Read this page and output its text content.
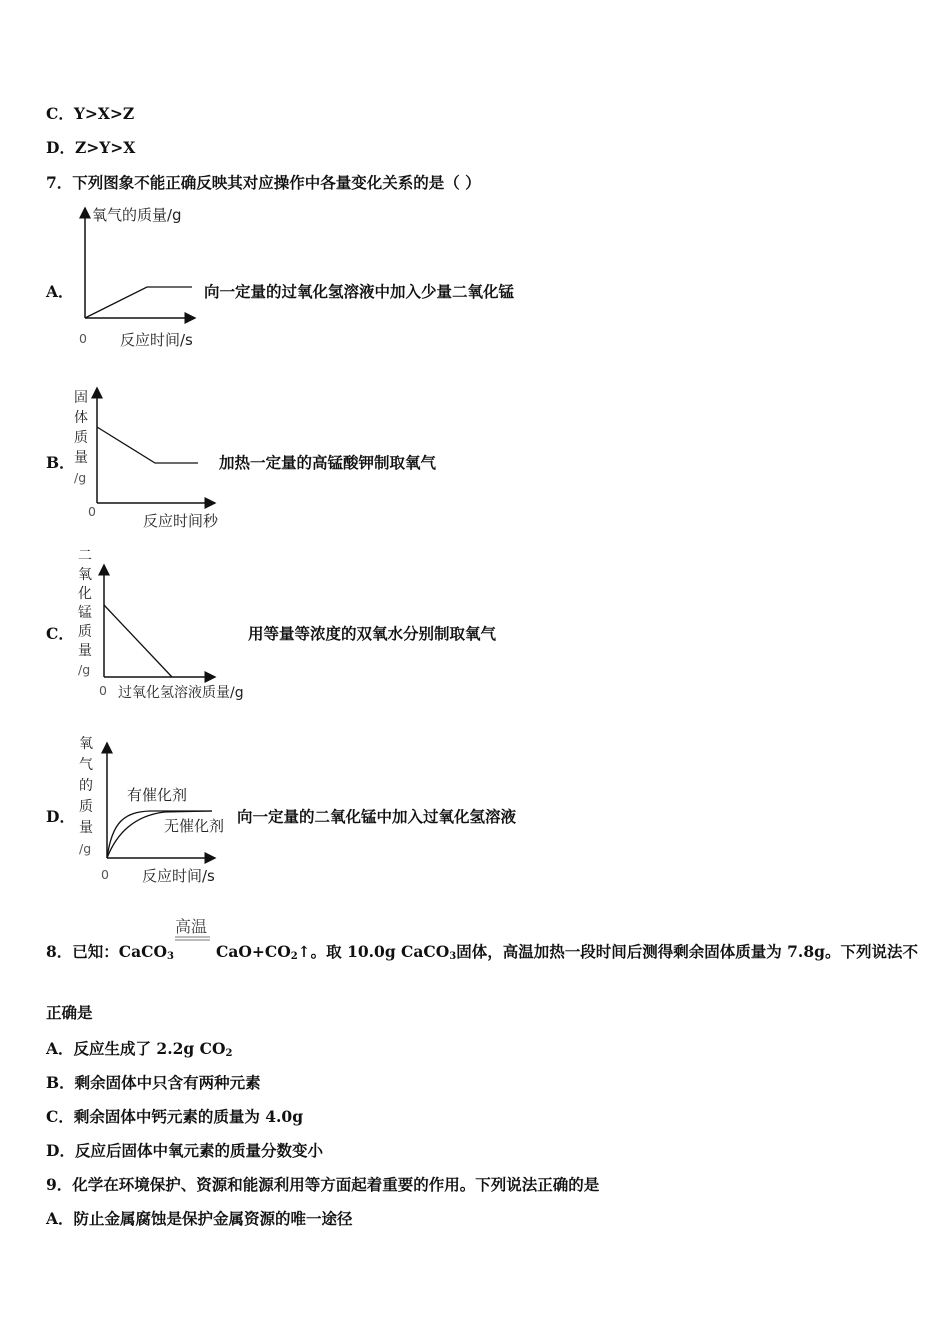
C．Y>X>Z
D．Z>Y>X
7．下列图象不能正确反映其对应操作中各量变化关系的是（ ）
A．	向一定量的过氧化氢溶液中加入少量二氧化锰
B．	加热一定量的高锰酸钾制取氧气
C．	用等量等浓度的双氧水分别制取氧气
D．	向一定量的二氧化锰中加入过氧化氢溶液
氧气的质量/g
0 反应时间/s
固
体
质
量
/g
0
反应时间秒
二
氧
化
锰
质
量
/g
0 过氧化氢溶液质量/g
氧
气
的
质
量
/g
有催化剂
无催化剂
0 反应时间/s
高温
8．已知：CaCO$_3$	$CaO+CO_2↑$。取 10.0g CaCO$_3$固体，高温加热一段时间后测得剩余固体质量为 7.8g。下列说法不
正确是
A．反应生成了 2.2g $CO_2$
B．剩余固体中只含有两种元素
C．剩余固体中钙元素的质量为 4.0g
D．反应后固体中氧元素的质量分数变小
9．化学在环境保护、资源和能源利用等方面起着重要的作用。下列说法正确的是
A．防止金属腐蚀是保护金属资源的唯一途径
